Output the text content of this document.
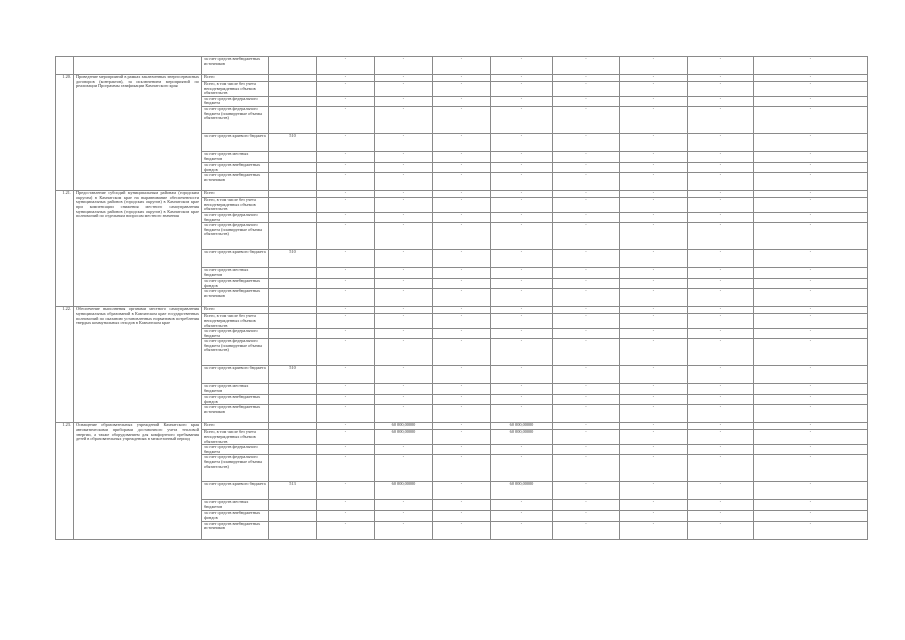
		за счет средств внебюджетных источников		-	-	-	-	-	-	-	-
1.20.	Проведение мероприятий в рамках заключенных энергосервисных договоров (контрактов), за исключением мероприятий по реализации Программы газификации Камчатского края	Всего		-	-	-	-	-	-	-	-
		Всего, в том числе без учета неподтвержденных объемов обязательств		-	-	-	-	-	-	-	-
		за счет средств федерального бюджета		-	-	-	-	-	-	-	-
		за счет средств федерального бюджета (планируемые объемы обязательств)		-	-	-	-	-	-	-	-
		за счет средств краевого бюджета	510	-	-	-	-	-	-	-	-
		за счет средств местных бюджетов		-	-	-	-	-	-	-	-
		за счет средств внебюджетных фондов		-	-	-	-	-	-	-	-
		за счет средств внебюджетных источников		-	-	-	-	-	-	-	-
1.21.	Предоставление субсидий муниципальным районам (городским округам) в Камчатском крае на выравнивание обеспеченности муниципальных районов (городских округов) в Камчатском крае при компенсации снижения местного самоуправления муниципальных районов (городских округов) в Камчатском крае полномочий по отдельным вопросам местного значения	Всего		-	-	-	-	-	-	-	-
		Всего, в том числе без учета неподтвержденных объемов обязательств		-	-	-	-	-	-	-	-
		за счет средств федерального бюджета		-	-	-	-	-	-	-	-
		за счет средств федерального бюджета (планируемые объемы обязательств)		-	-	-	-	-	-	-	-
		за счет средств краевого бюджета	510	-	-	-	-	-	-	-	-
		за счет средств местных бюджетов		-	-	-	-	-	-	-	-
		за счет средств внебюджетных фондов		-	-	-	-	-	-	-	-
		за счет средств внебюджетных источников		-	-	-	-	-	-	-	-
1.22.	Обеспечение выполнения органами местного самоуправления муниципальных образований в Камчатском крае государственных полномочий по оказанию установленных нормативов потребления твердых коммунальных отходов в Камчатском крае	Всего		-	-	-	-	-	-	-	-
		Всего, в том числе без учета неподтвержденных объемов обязательств		-	-	-	-	-	-	-	-
		за счет средств федерального бюджета		-	-	-	-	-	-	-	-
		за счет средств федерального бюджета (планируемые объемы обязательств)		-	-	-	-	-	-	-	-
		за счет средств краевого бюджета	510	-	-	-	-	-	-	-	-
		за счет средств местных бюджетов		-	-	-	-	-	-	-	-
		за счет средств внебюджетных фондов		-	-	-	-	-	-	-	-
		за счет средств внебюджетных источников		-	-	-	-	-	-	-	-
1.23.	Оснащение образовательных учреждений Камчатского края автоматическими приборами доставочного учета тепловой энергии, а также оборудованием для комфортного пребывания детей в образовательных учреждениях в межсезонный период	Всего		-	60 000,00000	-	60 000,00000	-	-	-	-
		Всего, в том числе без учета неподтвержденных объемов обязательств		-	60 000,00000	-	60 000,00000	-	-	-	-
		за счет средств федерального бюджета		-	-	-	-	-	-	-	-
		за счет средств федерального бюджета (планируемые объемы обязательств)		-	-	-	-	-	-	-	-
		за счет средств краевого бюджета	513	-	60 000,00000	-	60 000,00000	-	-	-	-
		за счет средств местных бюджетов		-	-	-	-	-	-	-	-
		за счет средств внебюджетных фондов		-	-	-	-	-	-	-	-
		за счет средств внебюджетных источников		-	-	-	-	-	-	-	-
